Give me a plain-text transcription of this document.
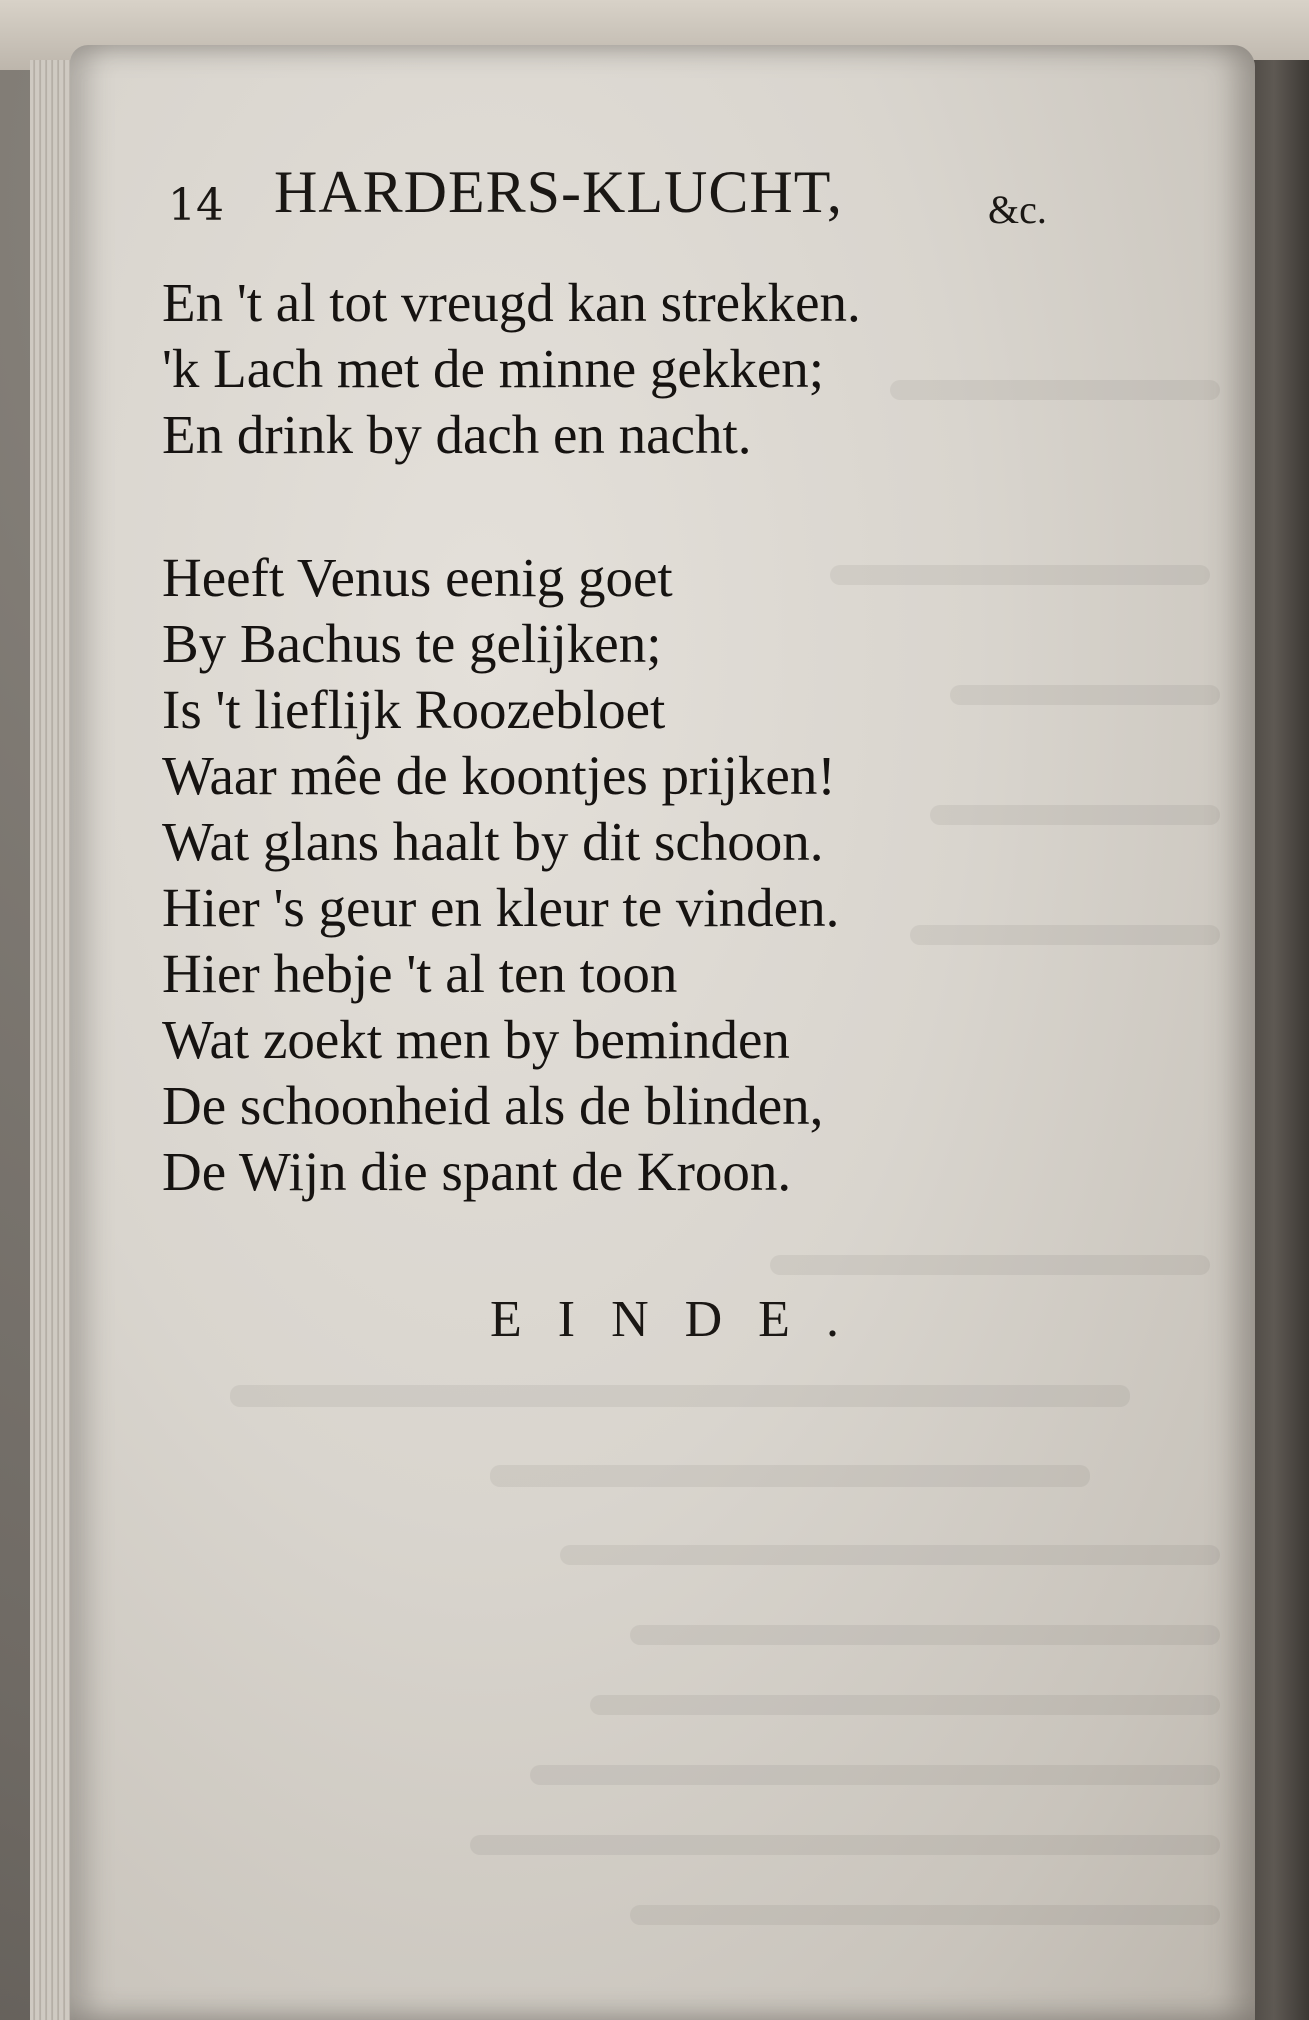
14 HARDERS-KLUCHT,	&c.
En 't al tot vreugd kan strekken.
'k Lach met de minne gekken;
En drink by dach en nacht.
Heeft Venus eenig goet
By Bachus te gelijken;
Is 't lieflijk Roozebloet
Waar mêe de koontjes prijken!
Wat glans haalt by dit schoon.
Hier 's geur en kleur te vinden.
Hier hebje 't al ten toon
Wat zoekt men by beminden
De schoonheid als de blinden,
De Wijn die spant de Kroon.
EINDE.
